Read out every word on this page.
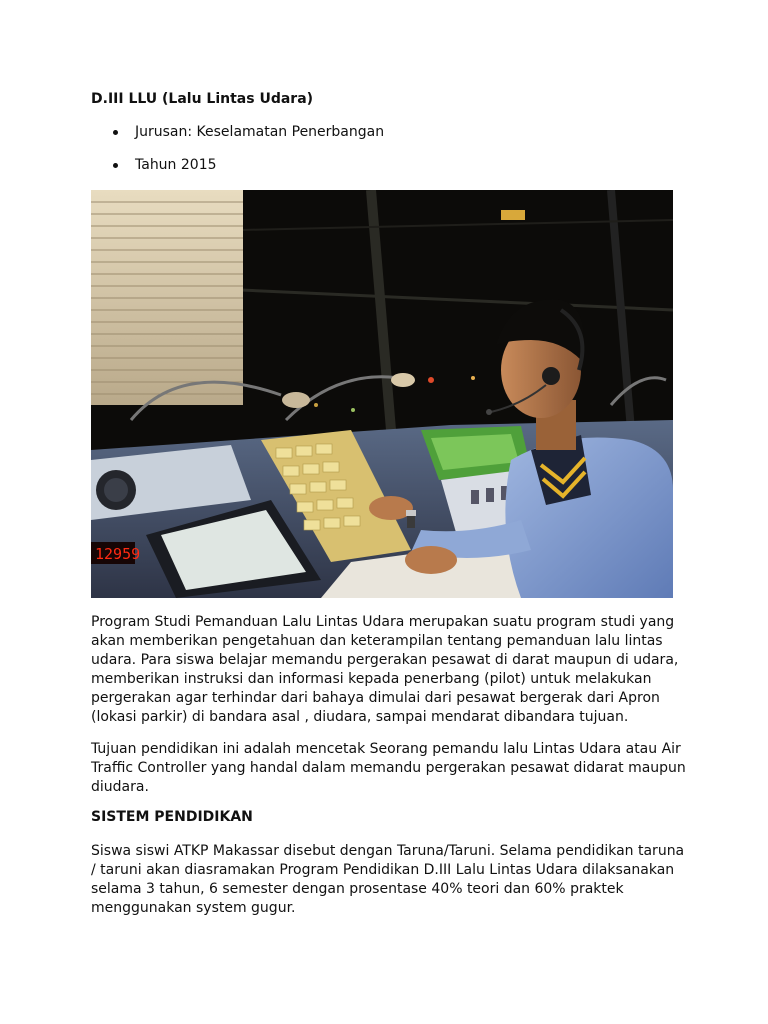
D.III LLU (Lalu Lintas Udara)
Jurusan: Keselamatan Penerbangan
Tahun 2015
12959

Program Studi Pemanduan Lalu Lintas Udara merupakan suatu program studi yang akan memberikan pengetahuan dan keterampilan tentang pemanduan lalu lintas udara. Para siswa belajar memandu pergerakan pesawat di darat maupun di udara, memberikan instruksi dan informasi kepada penerbang (pilot) untuk melakukan pergerakan agar terhindar dari bahaya dimulai dari pesawat bergerak dari Apron (lokasi parkir) di bandara asal , diudara, sampai mendarat dibandara tujuan.

Tujuan pendidikan ini adalah mencetak Seorang pemandu lalu Lintas Udara atau Air Traffic Controller yang handal dalam memandu pergerakan pesawat didarat maupun diudara.

SISTEM PENDIDIKAN

Siswa siswi ATKP Makassar disebut dengan Taruna/Taruni. Selama pendidikan taruna / taruni akan diasramakan Program Pendidikan D.III Lalu Lintas Udara dilaksanakan selama 3 tahun, 6 semester dengan prosentase 40% teori dan 60% praktek menggunakan system gugur.
